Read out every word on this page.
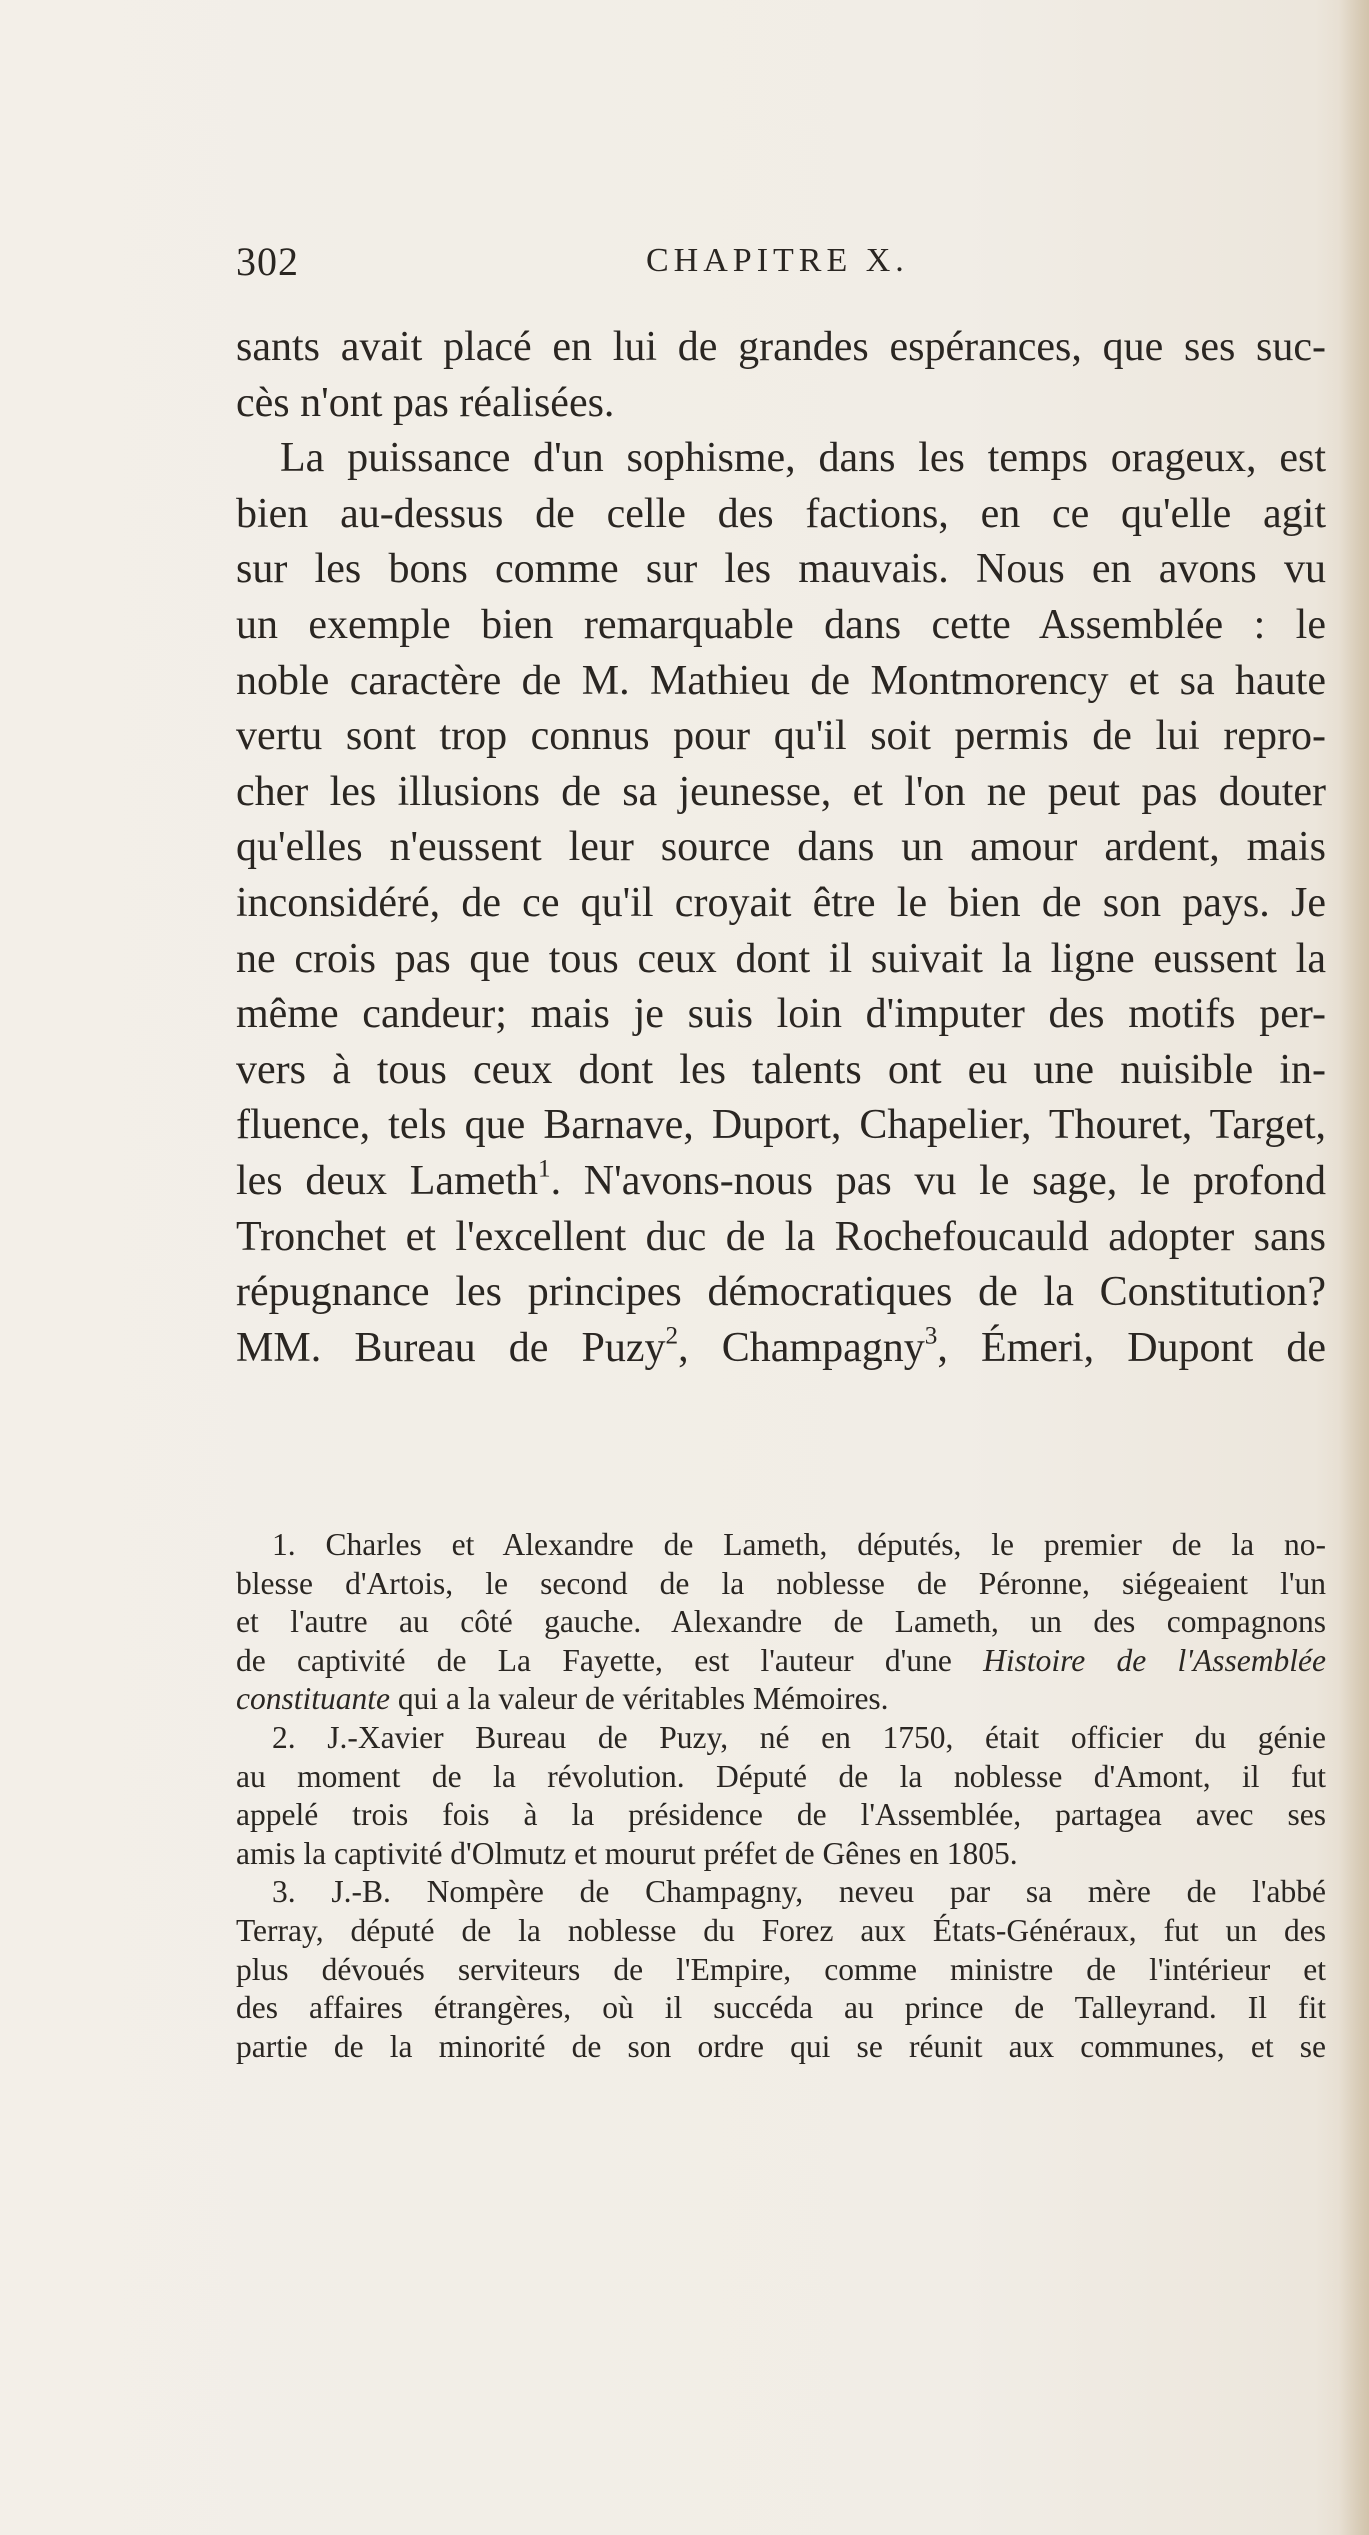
302	CHAPITRE X.
sants avait placé en lui de grandes espérances, que ses suc-
cès n'ont pas réalisées.
La puissance d'un sophisme, dans les temps orageux, est
bien au-dessus de celle des factions, en ce qu'elle agit
sur les bons comme sur les mauvais. Nous en avons vu
un exemple bien remarquable dans cette Assemblée : le
noble caractère de M. Mathieu de Montmorency et sa haute
vertu sont trop connus pour qu'il soit permis de lui repro-
cher les illusions de sa jeunesse, et l'on ne peut pas douter
qu'elles n'eussent leur source dans un amour ardent, mais
inconsidéré, de ce qu'il croyait être le bien de son pays. Je
ne crois pas que tous ceux dont il suivait la ligne eussent la
même candeur; mais je suis loin d'imputer des motifs per-
vers à tous ceux dont les talents ont eu une nuisible in-
fluence, tels que Barnave, Duport, Chapelier, Thouret, Target,
les deux Lameth$^1$. N'avons-nous pas vu le sage, le profond
Tronchet et l'excellent duc de la Rochefoucauld adopter sans
répugnance les principes démocratiques de la Constitution?
MM. Bureau de Puzy$^2$, Champagny$^3$, Émeri, Dupont de
1. Charles et Alexandre de Lameth, députés, le premier de la no-
blesse d'Artois, le second de la noblesse de Péronne, siégeaient l'un
et l'autre au côté gauche. Alexandre de Lameth, un des compagnons
de captivité de La Fayette, est l'auteur d'une Histoire de l'Assemblée
constituante qui a la valeur de véritables Mémoires.
2. J.-Xavier Bureau de Puzy, né en 1750, était officier du génie
au moment de la révolution. Député de la noblesse d'Amont, il fut
appelé trois fois à la présidence de l'Assemblée, partagea avec ses
amis la captivité d'Olmutz et mourut préfet de Gênes en 1805.
3. J.-B. Nompère de Champagny, neveu par sa mère de l'abbé
Terray, député de la noblesse du Forez aux États-Généraux, fut un des
plus dévoués serviteurs de l'Empire, comme ministre de l'intérieur et
des affaires étrangères, où il succéda au prince de Talleyrand. Il fit
partie de la minorité de son ordre qui se réunit aux communes, et se
